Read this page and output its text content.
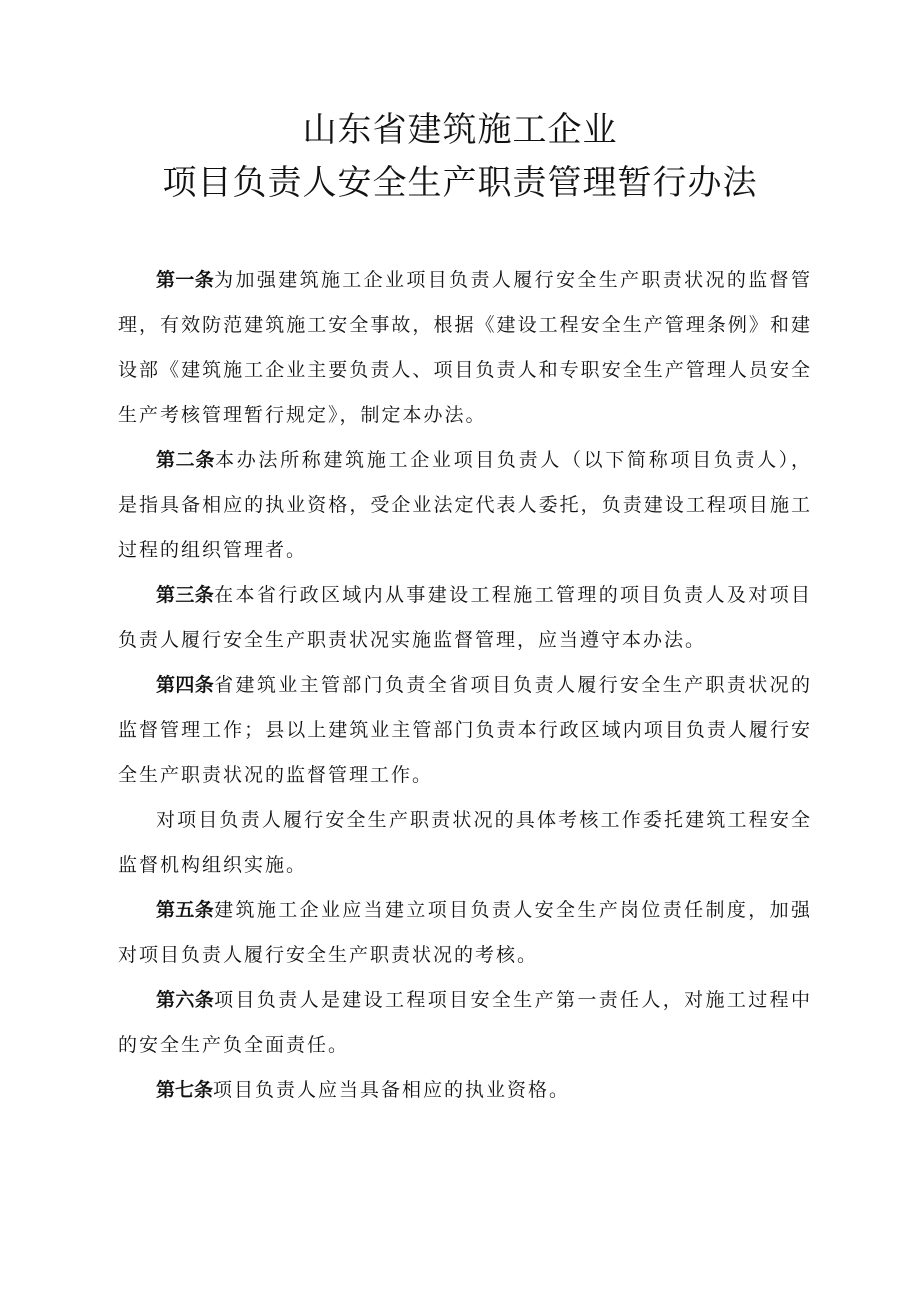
山东省建筑施工企业
项目负责人安全生产职责管理暂行办法

第一条为加强建筑施工企业项目负责人履行安全生产职责状况的监督管理，有效防范建筑施工安全事故，根据《建设工程安全生产管理条例》和建设部《建筑施工企业主要负责人、项目负责人和专职安全生产管理人员安全生产考核管理暂行规定》，制定本办法。

第二条本办法所称建筑施工企业项目负责人（以下简称项目负责人），是指具备相应的执业资格，受企业法定代表人委托，负责建设工程项目施工过程的组织管理者。

第三条在本省行政区域内从事建设工程施工管理的项目负责人及对项目负责人履行安全生产职责状况实施监督管理，应当遵守本办法。

第四条省建筑业主管部门负责全省项目负责人履行安全生产职责状况的监督管理工作；县以上建筑业主管部门负责本行政区域内项目负责人履行安全生产职责状况的监督管理工作。

对项目负责人履行安全生产职责状况的具体考核工作委托建筑工程安全监督机构组织实施。

第五条建筑施工企业应当建立项目负责人安全生产岗位责任制度，加强对项目负责人履行安全生产职责状况的考核。

第六条项目负责人是建设工程项目安全生产第一责任人，对施工过程中的安全生产负全面责任。

第七条项目负责人应当具备相应的执业资格。
